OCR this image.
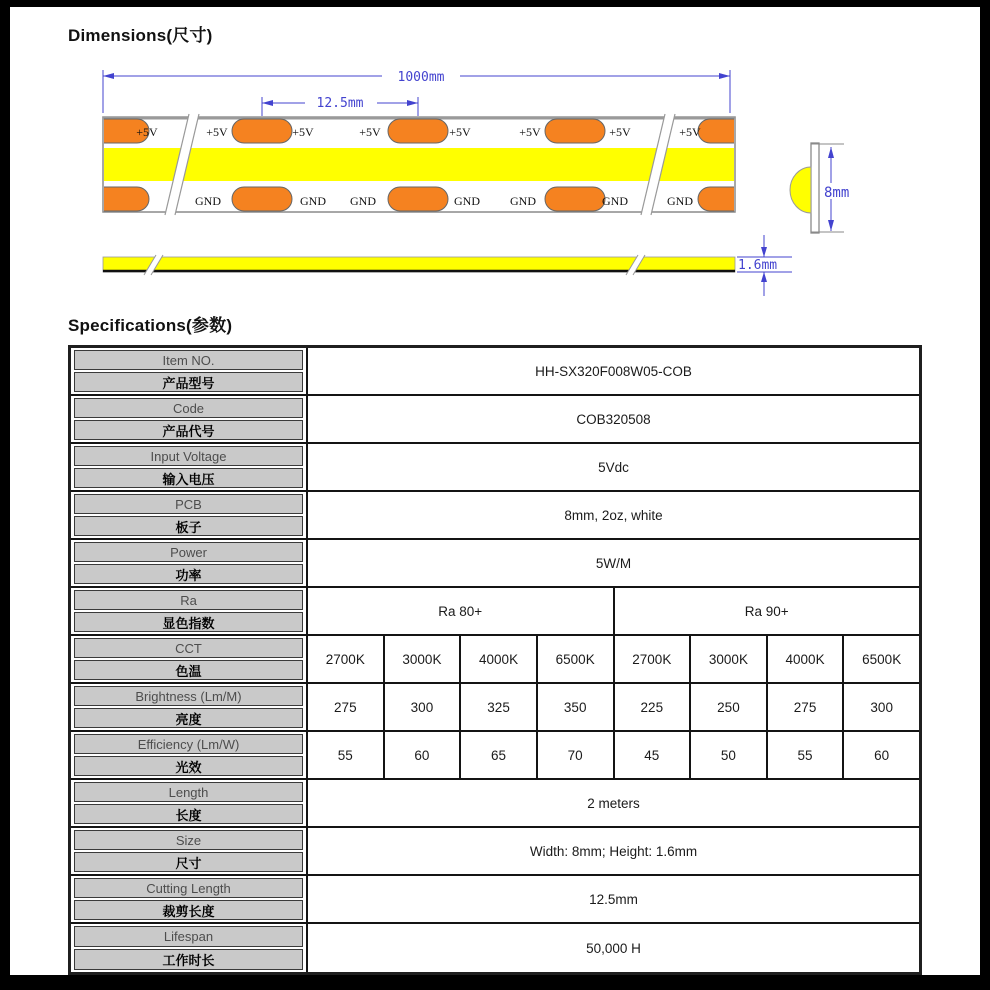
Dimensions(尺寸)
1000mm
12.5mm
+5V	+5V	+5V	+5V	+5V	+5V	+5V	+5V
GND	GND GND	GND	GND	GND	GND
1.6mm
8mm
Specifications(参数)
Item NO.
产品型号
HH-SX320F008W05-COB
Code
产品代号
COB320508
Input Voltage
输入电压
5Vdc
PCB
板子
8mm, 2oz, white
Power
功率
5W/M
Ra
显色指数
Ra 80+	Ra 90+
CCT
色温
2700K	3000K	4000K	6500K	2700K	3000K	4000K	6500K
Brightness (Lm/M)
亮度
275	300	325	350	225	250	275	300
Efficiency (Lm/W)
光效
55	60	65	70	45	50	55	60
Length
长度
2 meters
Size
尺寸
Width: 8mm; Height: 1.6mm
Cutting Length
裁剪长度
12.5mm
Lifespan
工作时长
50,000 H
